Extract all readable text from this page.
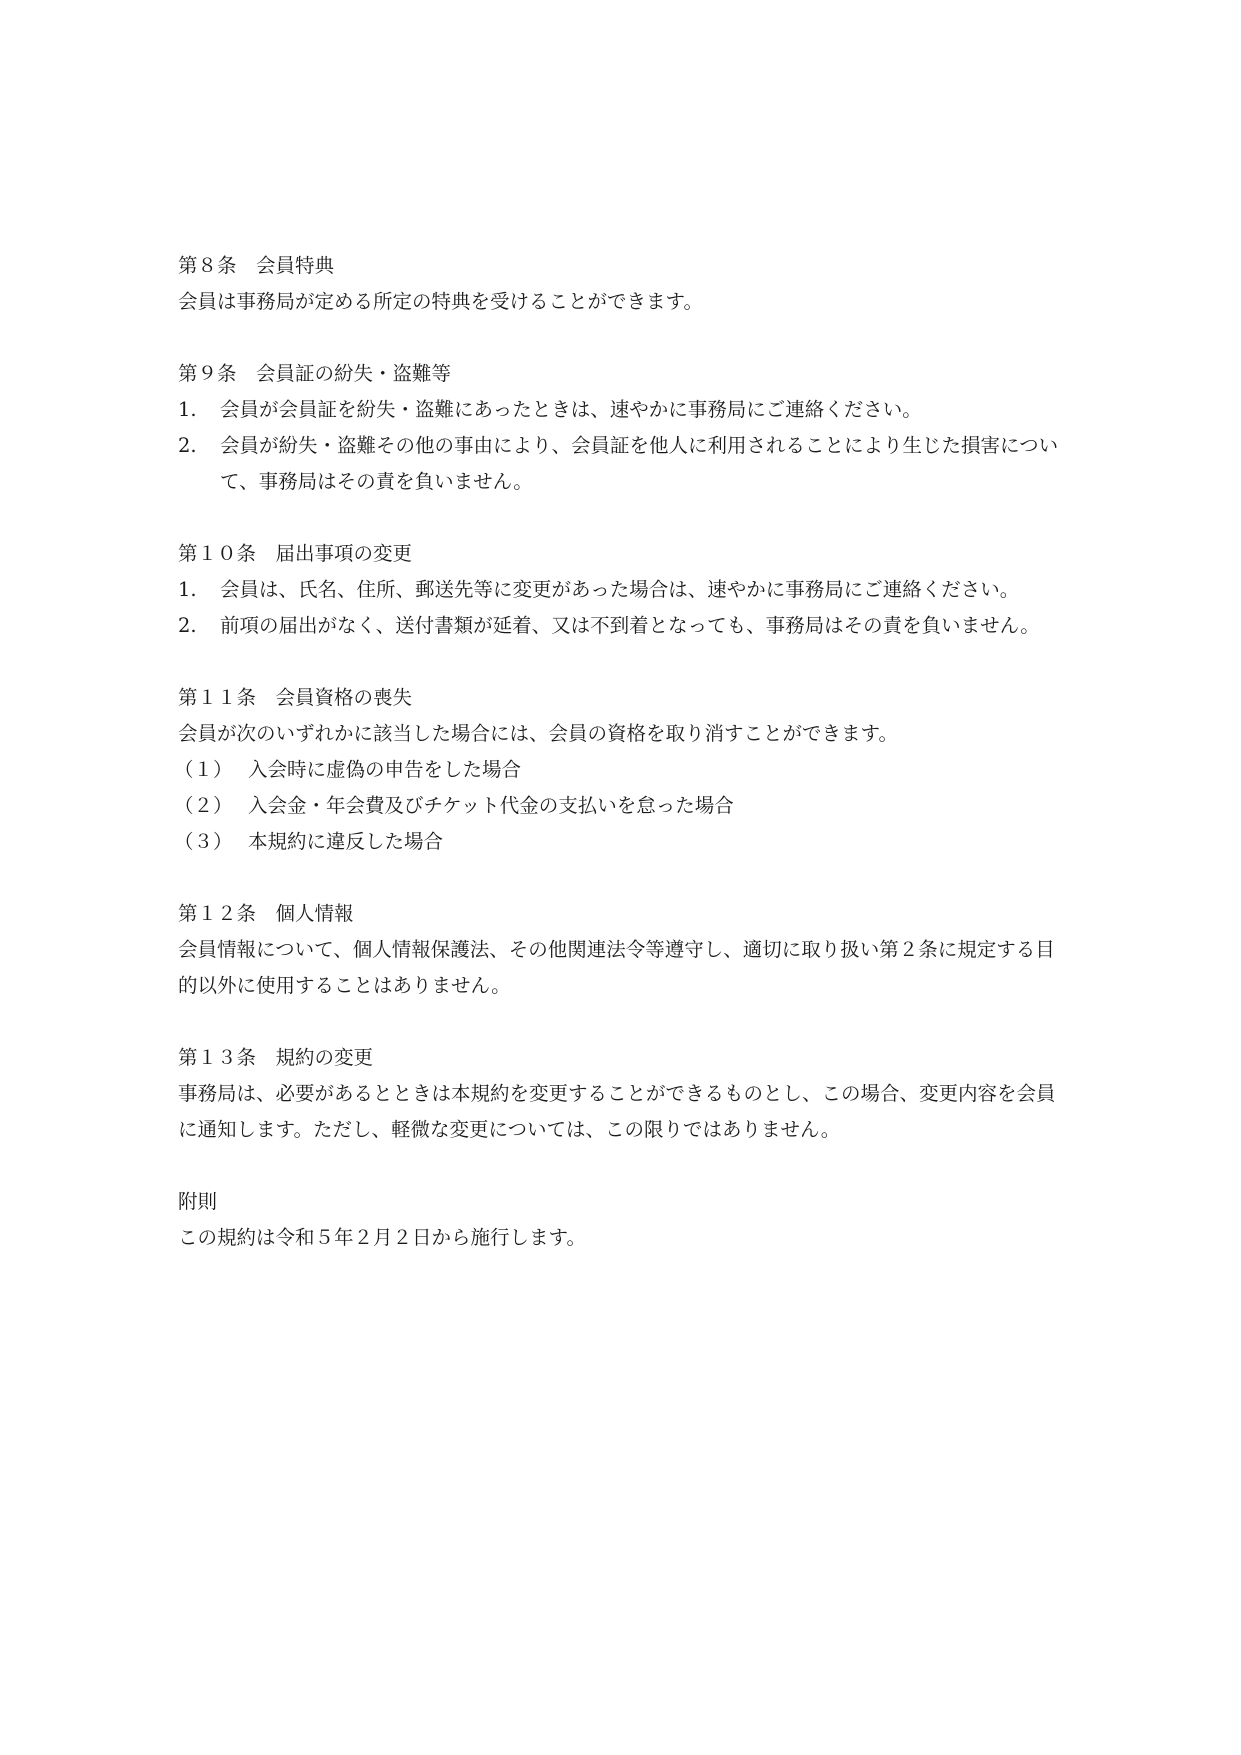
第８条　会員特典
会員は事務局が定める所定の特典を受けることができます。
第９条　会員証の紛失・盗難等
1.	会員が会員証を紛失・盗難にあったときは、速やかに事務局にご連絡ください。
2.	会員が紛失・盗難その他の事由により、会員証を他人に利用されることにより生じた損害について、事務局はその責を負いません。
第１０条　届出事項の変更
1.	会員は、氏名、住所、郵送先等に変更があった場合は、速やかに事務局にご連絡ください。
2.	前項の届出がなく、送付書類が延着、又は不到着となっても、事務局はその責を負いません。
第１１条　会員資格の喪失
会員が次のいずれかに該当した場合には、会員の資格を取り消すことができます。
（１） 入会時に虚偽の申告をした場合
（２） 入会金・年会費及びチケット代金の支払いを怠った場合
（３） 本規約に違反した場合
第１２条　個人情報
会員情報について、個人情報保護法、その他関連法令等遵守し、適切に取り扱い第２条に規定する目的以外に使用することはありません。
第１３条　規約の変更
事務局は、必要があるとときは本規約を変更することができるものとし、この場合、変更内容を会員に通知します。ただし、軽微な変更については、この限りではありません。
附則
この規約は令和５年２月２日から施行します。
